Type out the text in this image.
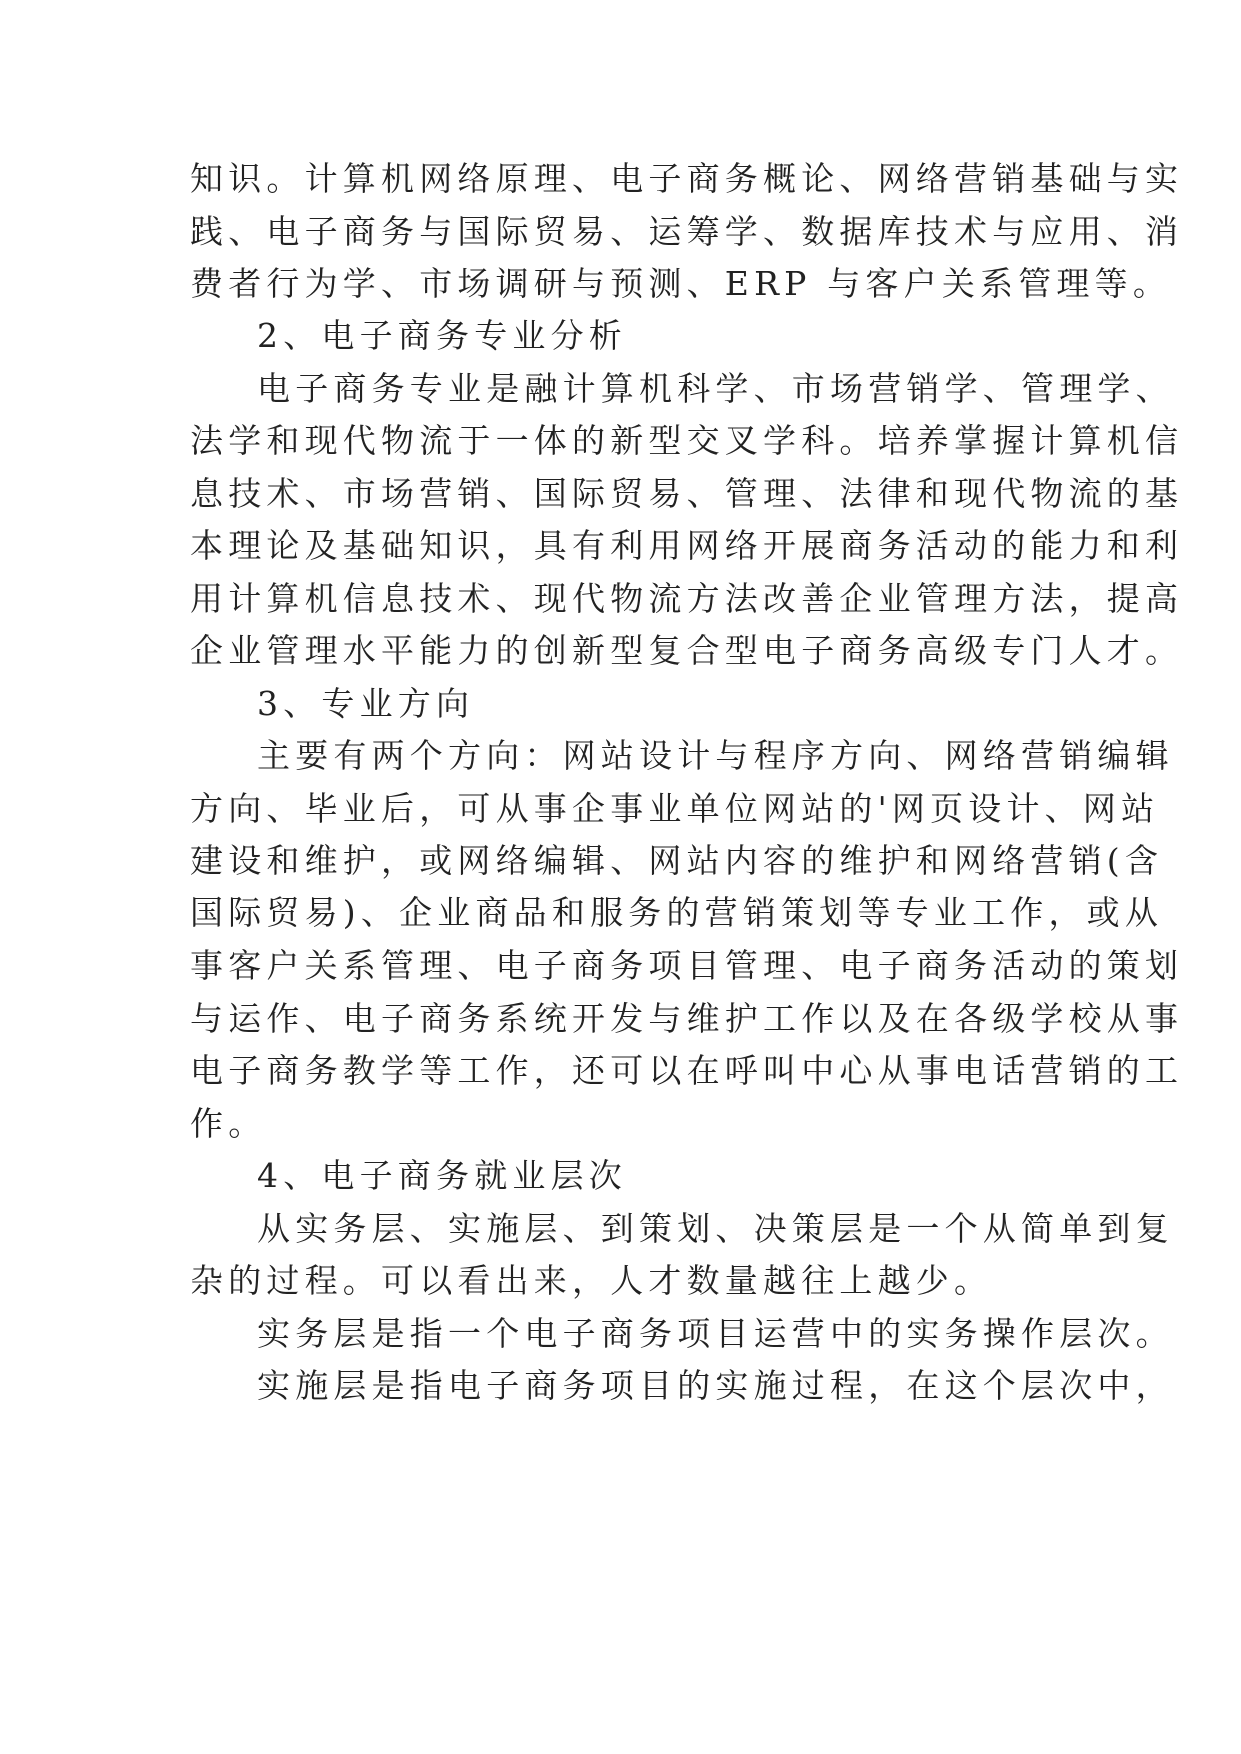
知识。计算机网络原理、电子商务概论、网络营销基础与实
践、电子商务与国际贸易、运筹学、数据库技术与应用、消
费者行为学、市场调研与预测、ERP 与客户关系管理等。
2、电子商务专业分析
电子商务专业是融计算机科学、市场营销学、管理学、
法学和现代物流于一体的新型交叉学科。培养掌握计算机信
息技术、市场营销、国际贸易、管理、法律和现代物流的基
本理论及基础知识，具有利用网络开展商务活动的能力和利
用计算机信息技术、现代物流方法改善企业管理方法，提高
企业管理水平能力的创新型复合型电子商务高级专门人才。
3、专业方向
主要有两个方向：网站设计与程序方向、网络营销编辑
方向、毕业后，可从事企事业单位网站的'网页设计、网站
建设和维护，或网络编辑、网站内容的维护和网络营销(含
国际贸易)、企业商品和服务的营销策划等专业工作，或从
事客户关系管理、电子商务项目管理、电子商务活动的策划
与运作、电子商务系统开发与维护工作以及在各级学校从事
电子商务教学等工作，还可以在呼叫中心从事电话营销的工
作。
4、电子商务就业层次
从实务层、实施层、到策划、决策层是一个从简单到复
杂的过程。可以看出来，人才数量越往上越少。
实务层是指一个电子商务项目运营中的实务操作层次。
实施层是指电子商务项目的实施过程，在这个层次中，
